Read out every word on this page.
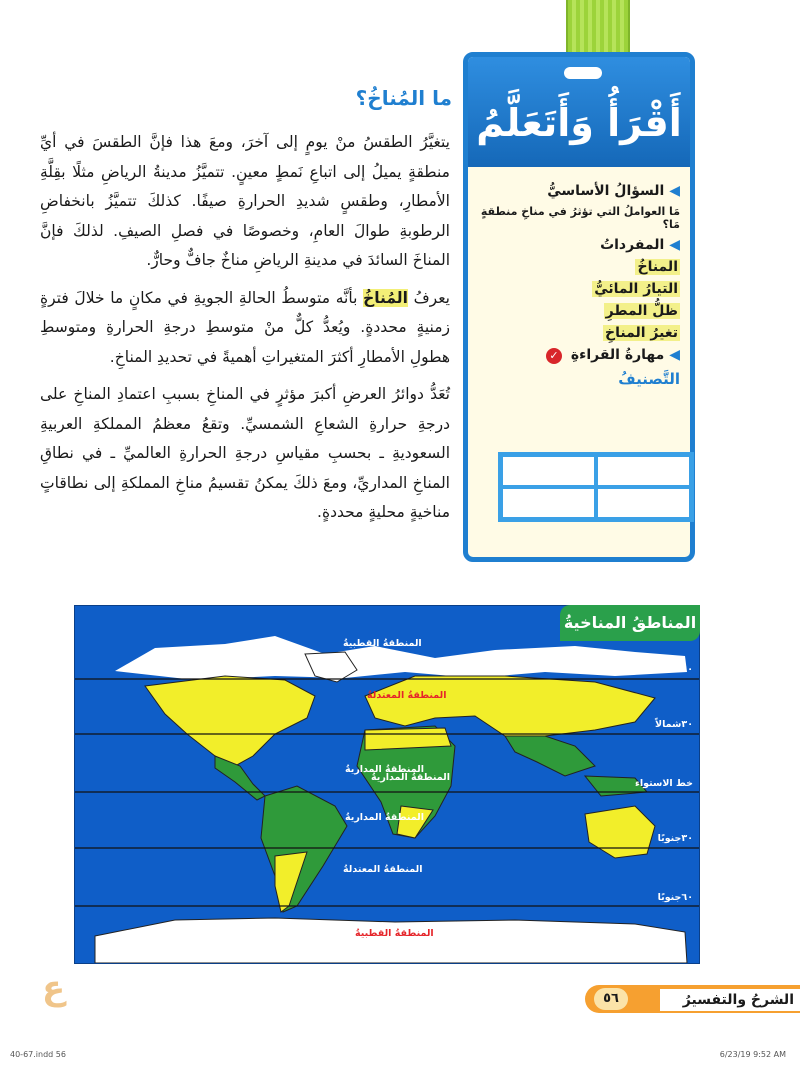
أَقْرَأُ وَأَتَعَلَّمُ
◀ السؤالُ الأساسيُّ
مَا العواملُ التي تؤثرُ في مناخِ منطقةٍ مَا؟
◀ المفرداتُ
المناخُ
التيارُ المائيُّ
ظلُّ المطرِ
تغيرُ المناخِ
◀ مهارةُ القراءةِ ✓
التَّصنيفُ
ما المُناخُ؟

يتغيَّرُ الطقسُ منْ يومٍ إلى آخرَ، ومعَ هذا فإنَّ الطقسَ في أيِّ منطقةٍ يميلُ إلى اتباعِ نَمطٍ معينٍ. تتميَّزُ مدينةُ الرياضِ مثلًا بقِلَّةِ الأمطارِ، وطقسٍ شديدِ الحرارةِ صيفًا. كذلكَ تتميَّزُ بانخفاضِ الرطوبةِ طوالَ العامِ، وخصوصًا في فصلِ الصيفِ. لذلكَ فإنَّ المناخَ السائدَ في مدينةِ الرياضِ مناخٌ جافٌّ وحارٌّ.

يعرفُ المُناخُ بأنَّه متوسطُ الحالةِ الجويةِ في مكانٍ ما خلالَ فترةٍ زمنيةٍ محددةٍ. ويُعدُّ كلٌّ منْ متوسطِ درجةِ الحرارةِ ومتوسطِ هطولِ الأمطارِ أكثرَ المتغيراتِ أهميةً في تحديدِ المناخِ.

تُعَدُّ دوائرُ العرضِ أكبرَ مؤثرٍ في المناخِ بسببِ اعتمادِ المناخِ على درجةِ حرارةِ الشعاعِ الشمسيِّ. وتقعُ معظمُ المملكةِ العربيةِ السعوديةِ ـ بحسبِ مقياسِ درجةِ الحرارةِ العالميِّ ـ في نطاقِ المناخِ المداريِّ، ومعَ ذلكَ يمكنُ تقسيمُ مناخِ المملكةِ إلى نطاقاتٍ مناخيةٍ محليةٍ محددةٍ.

المناطقُ المناخيةُ
٦٠شمالاً
٣٠شمالاً
خط الاستواء
٣٠جنوبًا
٦٠جنوبًا
المنطقةُ القطبيةُ
المنطقةُ المعتدلةُ
المنطقةُ المداريةُ
المنطقةُ المداريةُ
المنطقةُ المداريةُ
المنطقةُ المعتدلةُ
المنطقةُ القطبيةُ
ع	الشرحُ والتفسيرُ
٥٦
40-67.indd 56	6/23/19 9:52 AM
